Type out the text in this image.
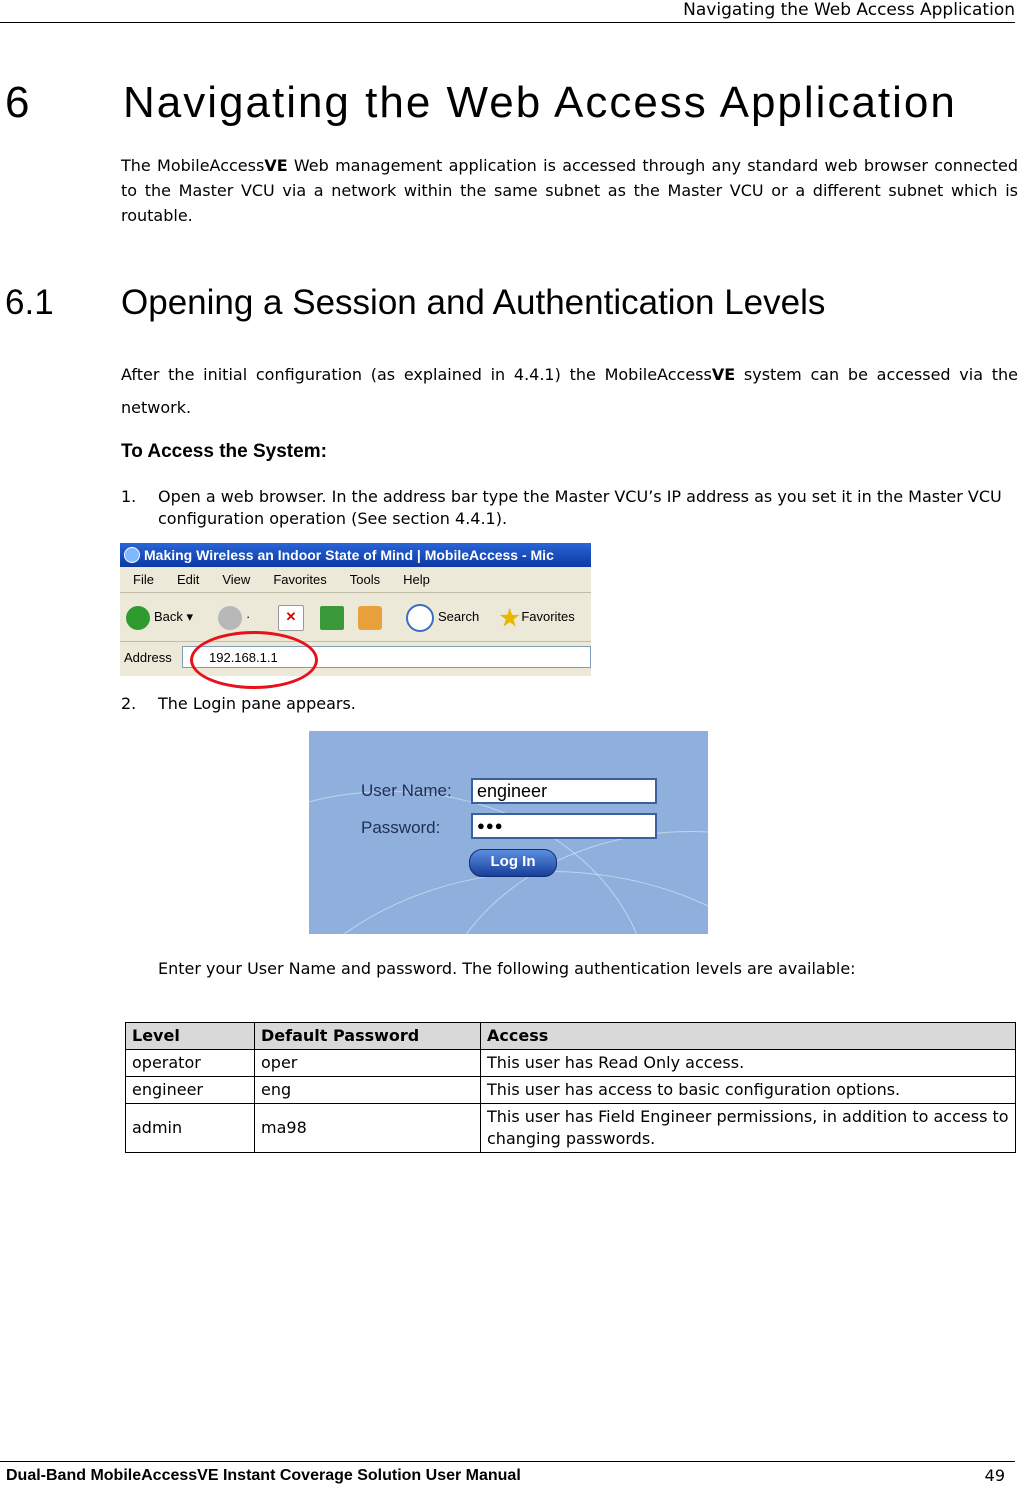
Navigating the Web Access Application
6 Navigating the Web Access Application

The MobileAccessVE Web management application is accessed through any standard web browser connected to the Master VCU via a network within the same subnet as the Master VCU or a different subnet which is routable.

6.1 Opening a Session and Authentication Levels

After the initial configuration (as explained in 4.4.1) the MobileAccessVE system can be accessed via the network.

To Access the System:
1. Open a web browser. In the address bar type the Master VCU’s IP address as you set it in the Master VCU configuration operation (See section 4.4.1).
Making Wireless an Indoor State of Mind | MobileAccess - Mic
File Edit View Favorites Tools Help
Back ▾	·	✕	Search ★Favorites
Address	192.168.1.1
2. The Login pane appears.
User Name:	engineer
Password:	●●●
Log In
Enter your User Name and password. The following authentication levels are available:
Level	Default Password	Access
operator	oper	This user has Read Only access.
engineer	eng	This user has access to basic configuration options.
admin	ma98	This user has Field Engineer permissions, in addition to access to changing passwords.
Dual-Band MobileAccessVE Instant Coverage Solution User Manual	49
